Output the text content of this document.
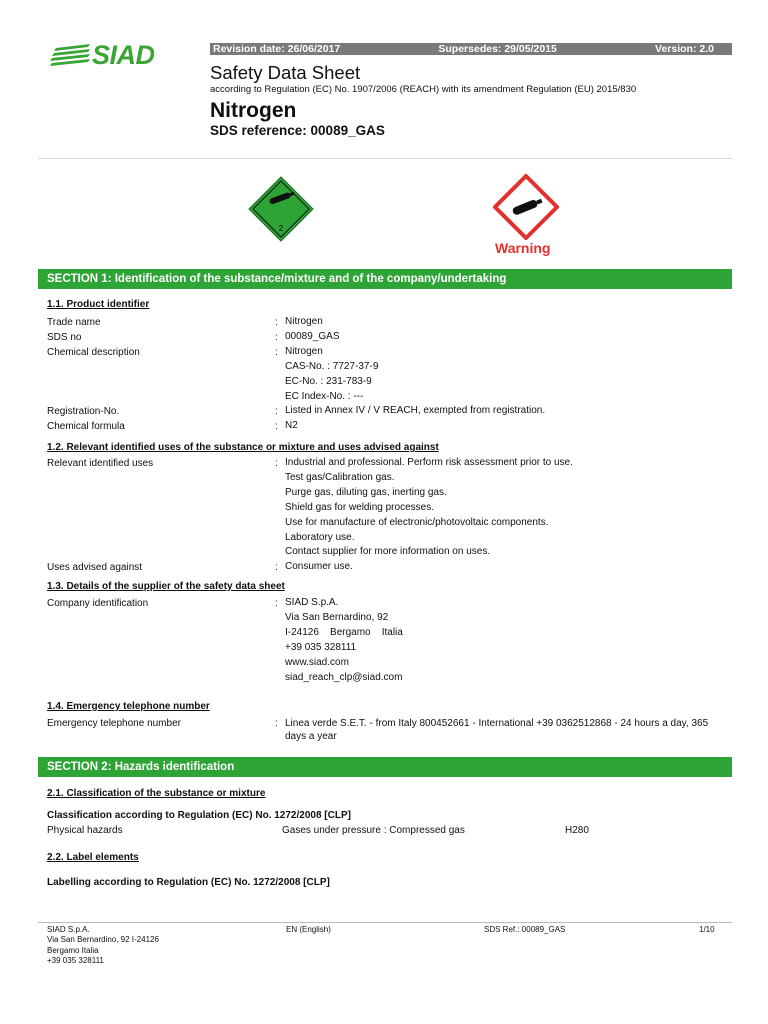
SIAD	Revision date: 26/06/2017	Supersedes: 29/05/2015	Version: 2.0
Safety Data Sheet
according to Regulation (EC) No. 1907/2006 (REACH) with its amendment Regulation (EU) 2015/830
Nitrogen
SDS reference: 00089_GAS
2
Warning
SECTION 1: Identification of the substance/mixture and of the company/undertaking
1.1. Product identifier
Trade name	: Nitrogen
SDS no	: 00089_GAS
Chemical description	: Nitrogen
CAS-No. : 7727-37-9
EC-No. : 231-783-9
EC Index-No. : ---
Registration-No.	: Listed in Annex IV / V REACH, exempted from registration.
Chemical formula	: N2
1.2. Relevant identified uses of the substance or mixture and uses advised against
Relevant identified uses	: Industrial and professional. Perform risk assessment prior to use.
Test gas/Calibration gas.
Purge gas, diluting gas, inerting gas.
Shield gas for welding processes.
Use for manufacture of electronic/photovoltaic components.
Laboratory use.
Contact supplier for more information on uses.
Uses advised against	: Consumer use.
1.3. Details of the supplier of the safety data sheet
Company identification	: SIAD S.p.A.
Via San Bernardino, 92
I-24126    Bergamo    Italia
+39 035 328111
www.siad.com
siad_reach_clp@siad.com
1.4. Emergency telephone number
Emergency telephone number	: Linea verde S.E.T. - from Italy 800452661 - International +39 0362512868 - 24 hours a day, 365 days a year
SECTION 2: Hazards identification
2.1. Classification of the substance or mixture
Classification according to Regulation (EC) No. 1272/2008 [CLP]
Physical hazards	Gases under pressure : Compressed gas	H280
2.2. Label elements
Labelling according to Regulation (EC) No. 1272/2008 [CLP]
SIAD S.p.A.
Via San Bernardino, 92 I-24126
Bergamo Italia
+39 035 328111
EN (English)	SDS Ref.: 00089_GAS	1/10
